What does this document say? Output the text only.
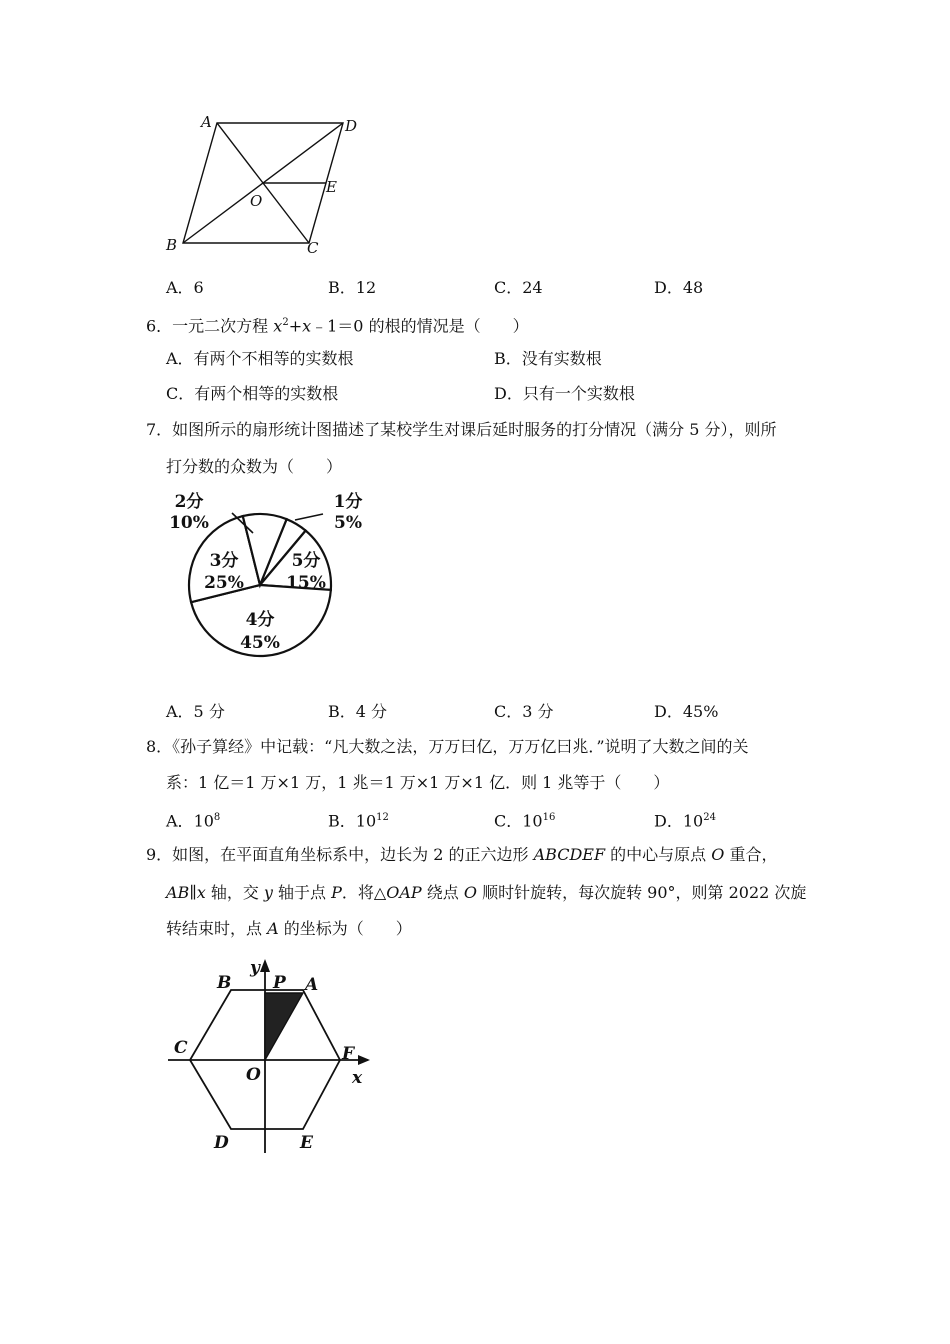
A	D
E
O
B	C
A．6	B．12	C．24	D．48
6．一元二次方程 $x^2+x﹣1=0$ 的根的情况是（　　）
A．有两个不相等的实数根	B．没有实数根
C．有两个相等的实数根	D．只有一个实数根
7．如图所示的扇形统计图描述了某校学生对课后延时服务的打分情况（满分 5 分），则所
打分数的众数为（　　）
2分
10%
1分
5%
3分
25%
5分
15%
4分
45%
A．5 分	B．4 分	C．3 分	D．45%
8．《孙子算经》中记载：“凡大数之法，万万曰亿，万万亿曰兆．”说明了大数之间的关
系：1 亿＝1 万×1 万，1 兆＝1 万×1 万×1 亿．则 1 兆等于（　　）
A．$10^8$	B．$10^{12}$	C．$10^{16}$	D．$10^{24}$
9．如图，在平面直角坐标系中，边长为 2 的正六边形 ABCDEF 的中心与原点 O 重合，
AB∥x 轴，交 y 轴于点 P．将△OAP 绕点 O 顺时针旋转，每次旋转 90°，则第 2022 次旋
转结束时，点 A 的坐标为（　　）
B
y
P A
C	F
O	x
D	E
